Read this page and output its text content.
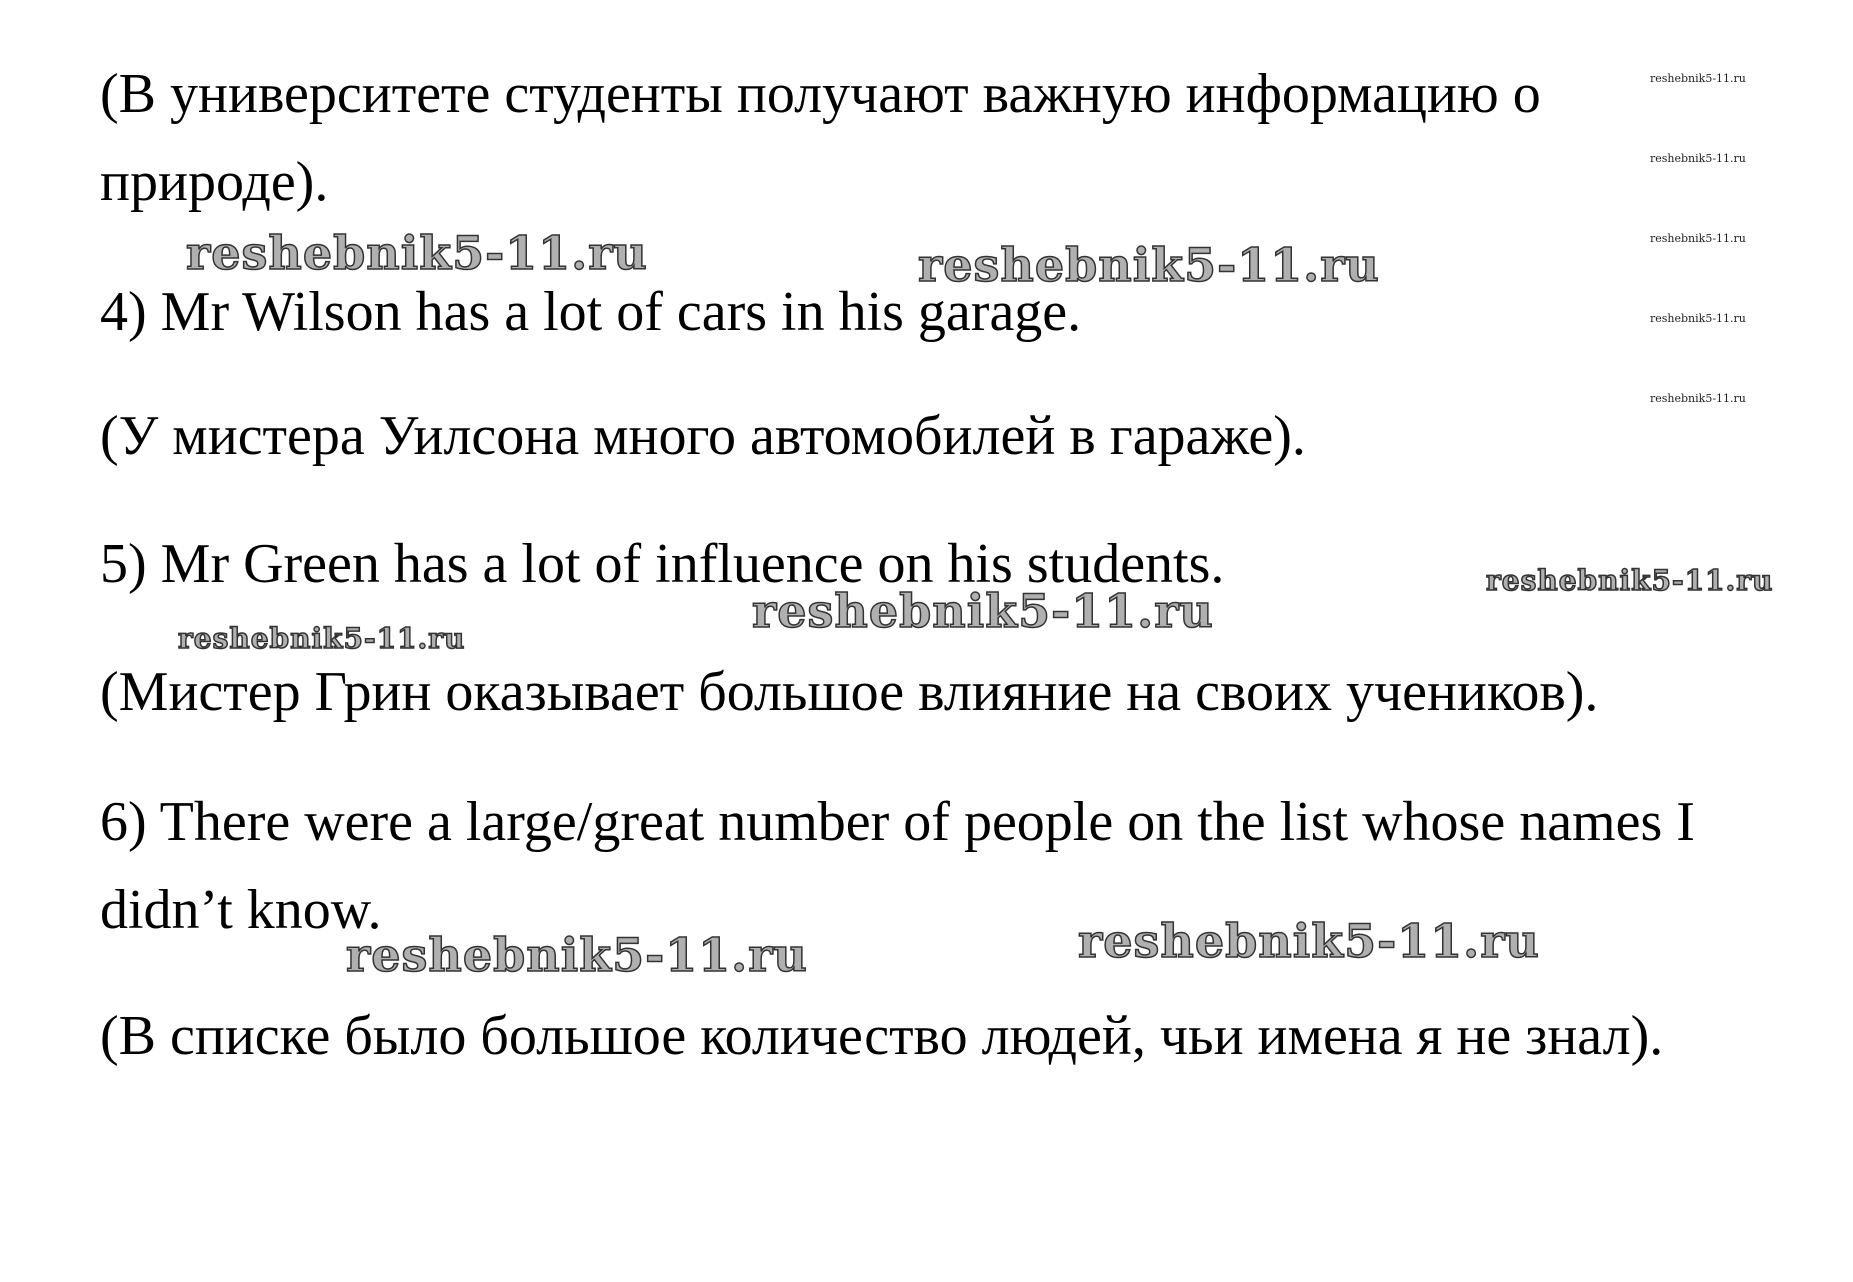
(В университете студенты получают важную информацию о

природе).

4) Mr Wilson has a lot of cars in his garage.

(У мистера Уилсона много автомобилей в гараже).

5) Mr Green has a lot of influence on his students.

(Мистер Грин оказывает большое влияние на своих учеников).

6) There were a large/great number of people on the list whose names I

didn’t know.

(В списке было большое количество людей, чьи имена я не знал).

reshebnik5-11.ru	reshebnik5-11.ru
reshebnik5-11.ru
reshebnik5-11.ru	reshebnik5-11.ru
reshebnik5-11.ru
reshebnik5-11.ru
reshebnik5-11.ru
reshebnik5-11.ru
reshebnik5-11.ru
reshebnik5-11.ru
reshebnik5-11.ru
